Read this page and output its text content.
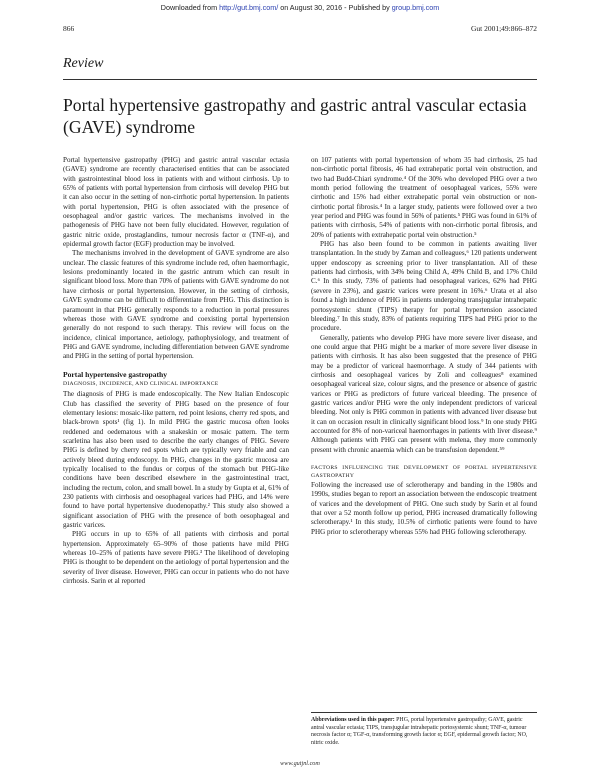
Downloaded from http://gut.bmj.com/ on August 30, 2016 - Published by group.bmj.com
866	Gut 2001;49:866–872
Review
Portal hypertensive gastropathy and gastric antral vascular ectasia (GAVE) syndrome

Portal hypertensive gastropathy (PHG) and gastric antral vascular ectasia (GAVE) syndrome are recently characterised entities that can be associated with gastrointestinal blood loss in patients with and without cirrhosis. Up to 65% of patients with portal hypertension from cirrhosis will develop PHG but it can also occur in the setting of non-cirrhotic portal hypertension. In patients with portal hypertension, PHG is often associated with the presence of oesophageal and/or gastric varices. The mechanisms involved in the pathogenesis of PHG have not been fully elucidated. However, regulation of gastric nitric oxide, prostaglandins, tumour necrosis factor α (TNF-α), and epidermal growth factor (EGF) production may be involved.

The mechanisms involved in the development of GAVE syndrome are also unclear. The classic features of this syndrome include red, often haemorrhagic, lesions predominantly located in the gastric antrum which can result in significant blood loss. More than 70% of patients with GAVE syndrome do not have cirrhosis or portal hypertension. However, in the setting of cirrhosis, GAVE syndrome can be difficult to differentiate from PHG. This distinction is paramount in that PHG generally responds to a reduction in portal pressures whereas those with GAVE syndrome and coexisting portal hypertension generally do not respond to such therapy. This review will focus on the incidence, clinical importance, aetiology, pathophysiology, and treatment of PHG and GAVE syndrome, including differentiation between GAVE syndrome and PHG in the setting of portal hypertension.

Portal hypertensive gastropathy
DIAGNOSIS, INCIDENCE, AND CLINICAL IMPORTANCE

The diagnosis of PHG is made endoscopically. The New Italian Endoscopic Club has classified the severity of PHG based on the presence of four elementary lesions: mosaic-like pattern, red point lesions, cherry red spots, and black-brown spots¹ (fig 1). In mild PHG the gastric mucosa often looks reddened and oedematous with a snakeskin or mosaic pattern. The term scarletina has also been used to describe the early changes of PHG. Severe PHG is defined by cherry red spots which are typically very friable and can actively bleed during endoscopy. In PHG, changes in the gastric mucosa are typically localised to the fundus or corpus of the stomach but PHG-like conditions have been described elsewhere in the gastrointestinal tract, including the rectum, colon, and small bowel. In a study by Gupta et al, 61% of 230 patients with cirrhosis and oesophageal varices had PHG, and 14% were found to have portal hypertensive duodenopathy.² This study also showed a significant association of PHG with the presence of both oesophageal and gastric varices.

PHG occurs in up to 65% of all patients with cirrhosis and portal hypertension. Approximately 65–90% of those patients have mild PHG whereas 10–25% of patients have severe PHG.³ The likelihood of developing PHG is thought to be dependent on the aetiology of portal hypertension and the severity of liver disease. However, PHG can occur in patients who do not have cirrhosis. Sarin et al reported

on 107 patients with portal hypertension of whom 35 had cirrhosis, 25 had non-cirrhotic portal fibrosis, 46 had extrahepatic portal vein obstruction, and two had Budd-Chiari syndrome.⁴ Of the 30% who developed PHG over a two month period following the treatment of oesophageal varices, 55% were cirrhotic and 15% had either extrahepatic portal vein obstruction or non-cirrhotic portal fibrosis.⁴ In a larger study, patients were followed over a two year period and PHG was found in 56% of patients.⁵ PHG was found in 61% of patients with cirrhosis, 54% of patients with non-cirrhotic portal fibrosis, and 20% of patients with extrahepatic portal vein obstruction.⁵

PHG has also been found to be common in patients awaiting liver transplantation. In the study by Zaman and colleagues,⁶ 120 patients underwent upper endoscopy as screening prior to liver transplantation. All of these patients had cirrhosis, with 34% being Child A, 49% Child B, and 17% Child C.⁶ In this study, 73% of patients had oesophageal varices, 62% had PHG (severe in 23%), and gastric varices were present in 16%.⁶ Urata et al also found a high incidence of PHG in patients undergoing transjugular intrahepatic portosystemic shunt (TIPS) therapy for portal hypertension associated bleeding.⁷ In this study, 83% of patients requiring TIPS had PHG prior to the procedure.

Generally, patients who develop PHG have more severe liver disease, and one could argue that PHG might be a marker of more severe liver disease in patients with cirrhosis. It has also been suggested that the presence of PHG may be a predictor of variceal haemorrhage. A study of 344 patients with cirrhosis and oesophageal varices by Zoli and colleagues⁸ examined oesophageal variceal size, colour signs, and the presence or absence of gastric varices or PHG as predictors of future variceal bleeding. The presence of gastric varices and/or PHG were the only independent predictors of variceal bleeding. Not only is PHG common in patients with advanced liver disease but it can on occasion result in clinically significant blood loss.⁹ In one study PHG accounted for 8% of non-variceal haemorrhages in patients with liver disease.⁹ Although patients with PHG can present with melena, they more commonly present with chronic anaemia which can be transfusion dependent.⁵⁹

FACTORS INFLUENCING THE DEVELOPMENT OF PORTAL HYPERTENSIVE GASTROPATHY

Following the increased use of sclerotherapy and banding in the 1980s and 1990s, studies began to report an association between the endoscopic treatment of varices and the development of PHG. One such study by Sarin et al found that over a 52 month follow up period, PHG increased dramatically following sclerotherapy.¹ In this study, 10.5% of cirrhotic patients were found to have PHG prior to sclerotherapy whereas 55% had PHG following sclerotherapy.

Abbreviations used in this paper: PHG, portal hypertensive gastropathy; GAVE, gastric antral vascular ectasia; TIPS, transjugular intrahepatic portosystemic shunt; TNF-α, tumour necrosis factor α; TGF-α, transforming growth factor α; EGF, epidermal growth factor; NO, nitric oxide.
www.gutjnl.com
